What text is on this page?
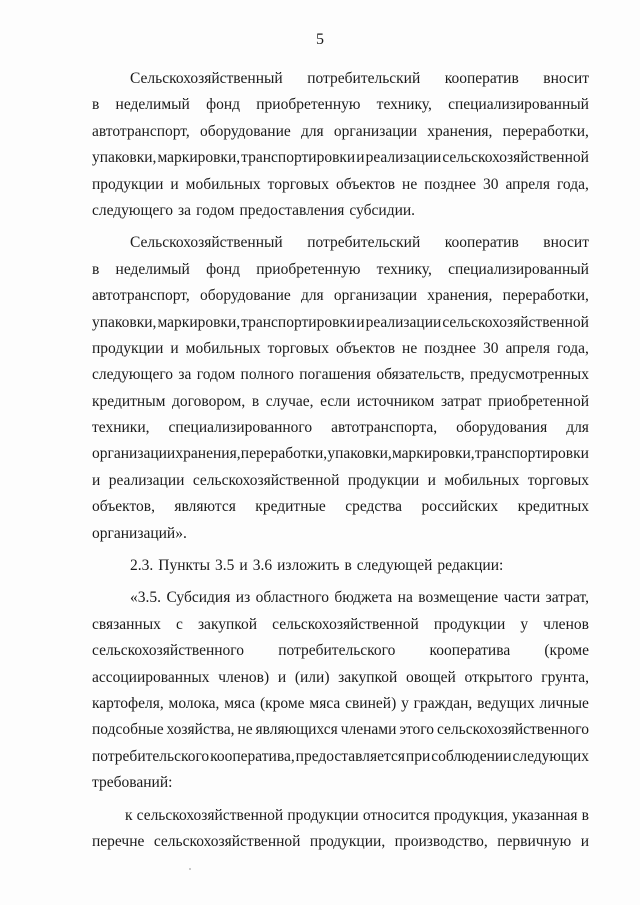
5
Сельскохозяйственный потребительский кооператив вносит
в неделимый фонд приобретенную технику, специализированный
автотранспорт, оборудование для организации хранения, переработки,
упаковки, маркировки, транспортировки и реализации сельскохозяйственной
продукции и мобильных торговых объектов не позднее 30 апреля года,
следующего за годом предоставления субсидии.
Сельскохозяйственный потребительский кооператив вносит
в неделимый фонд приобретенную технику, специализированный
автотранспорт, оборудование для организации хранения, переработки,
упаковки, маркировки, транспортировки и реализации сельскохозяйственной
продукции и мобильных торговых объектов не позднее 30 апреля года,
следующего за годом полного погашения обязательств, предусмотренных
кредитным договором, в случае, если источником затрат приобретенной
техники, специализированного автотранспорта, оборудования для
организации хранения, переработки, упаковки, маркировки, транспортировки
и реализации сельскохозяйственной продукции и мобильных торговых
объектов, являются кредитные средства российских кредитных
организаций».
2.3. Пункты 3.5 и 3.6 изложить в следующей редакции:
«3.5. Субсидия из областного бюджета на возмещение части затрат,
связанных с закупкой сельскохозяйственной продукции у членов
сельскохозяйственного потребительского кооператива (кроме
ассоциированных членов) и (или) закупкой овощей открытого грунта,
картофеля, молока, мяса (кроме мяса свиней) у граждан, ведущих личные
подсобные хозяйства, не являющихся членами этого сельскохозяйственного
потребительского кооператива, предоставляется при соблюдении следующих
требований:
к сельскохозяйственной продукции относится продукция, указанная в
перечне сельскохозяйственной продукции, производство, первичную и
